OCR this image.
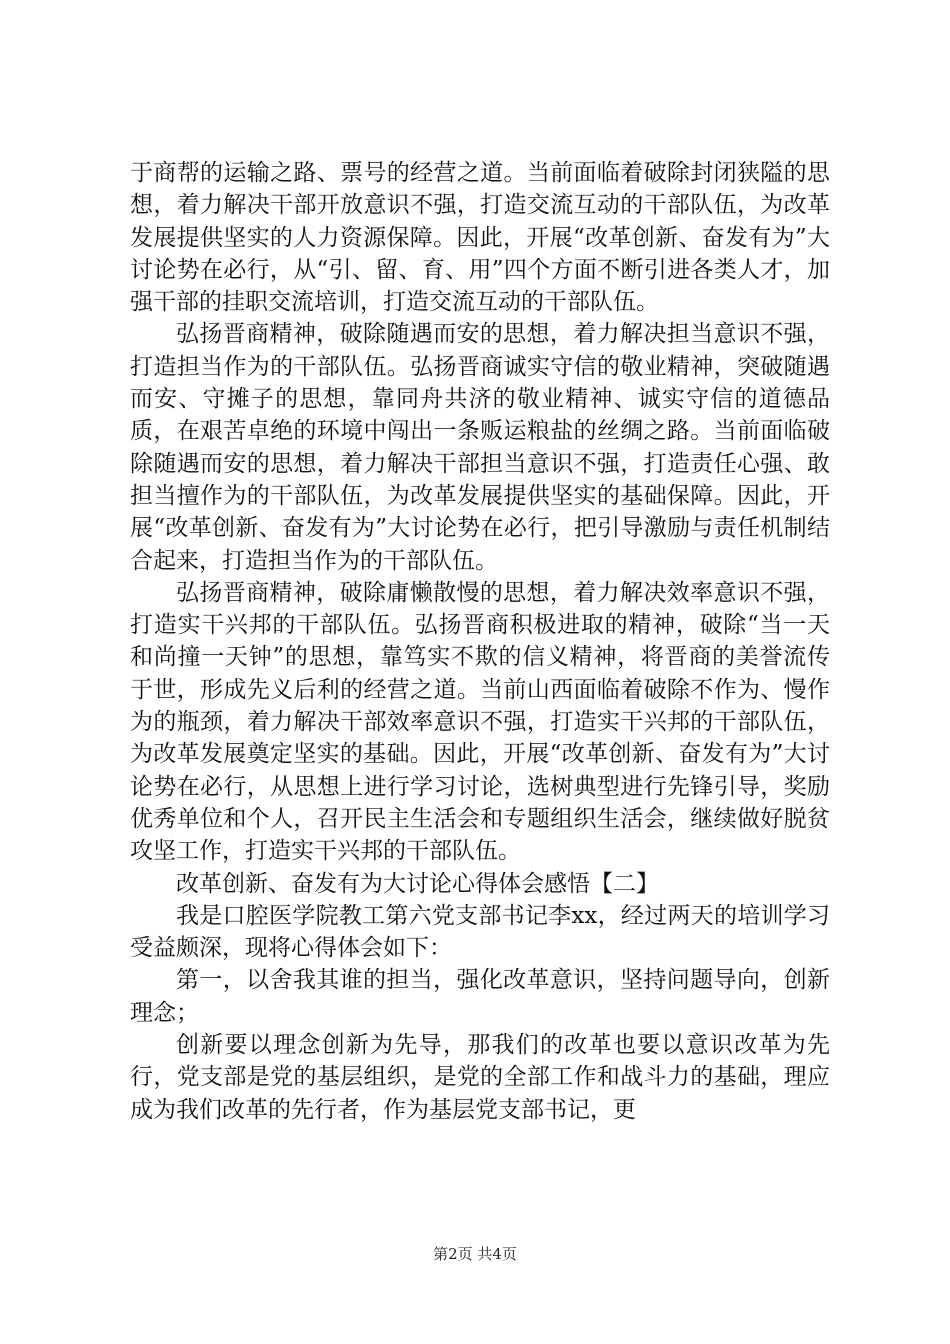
于商帮的运输之路、票号的经营之道。当前面临着破除封闭狭隘的思想，着力解决干部开放意识不强，打造交流互动的干部队伍，为改革发展提供坚实的人力资源保障。因此，开展“改革创新、奋发有为”大讨论势在必行，从“引、留、育、用”四个方面不断引进各类人才，加强干部的挂职交流培训，打造交流互动的干部队伍。

弘扬晋商精神，破除随遇而安的思想，着力解决担当意识不强，打造担当作为的干部队伍。弘扬晋商诚实守信的敬业精神，突破随遇而安、守摊子的思想，靠同舟共济的敬业精神、诚实守信的道德品质，在艰苦卓绝的环境中闯出一条贩运粮盐的丝绸之路。当前面临破除随遇而安的思想，着力解决干部担当意识不强，打造责任心强、敢担当擅作为的干部队伍，为改革发展提供坚实的基础保障。因此，开展“改革创新、奋发有为”大讨论势在必行，把引导激励与责任机制结合起来，打造担当作为的干部队伍。

弘扬晋商精神，破除庸懒散慢的思想，着力解决效率意识不强，打造实干兴邦的干部队伍。弘扬晋商积极进取的精神，破除“当一天和尚撞一天钟”的思想，靠笃实不欺的信义精神，将晋商的美誉流传于世，形成先义后利的经营之道。当前山西面临着破除不作为、慢作为的瓶颈，着力解决干部效率意识不强，打造实干兴邦的干部队伍，为改革发展奠定坚实的基础。因此，开展“改革创新、奋发有为”大讨论势在必行，从思想上进行学习讨论，选树典型进行先锋引导，奖励优秀单位和个人，召开民主生活会和专题组织生活会，继续做好脱贫攻坚工作，打造实干兴邦的干部队伍。

改革创新、奋发有为大讨论心得体会感悟【二】

我是口腔医学院教工第六党支部书记李xx，经过两天的培训学习受益颇深，现将心得体会如下：

第一，以舍我其谁的担当，强化改革意识，坚持问题导向，创新理念；

创新要以理念创新为先导，那我们的改革也要以意识改革为先行，党支部是党的基层组织，是党的全部工作和战斗力的基础，理应成为我们改革的先行者，作为基层党支部书记，更

第2页 共4页
